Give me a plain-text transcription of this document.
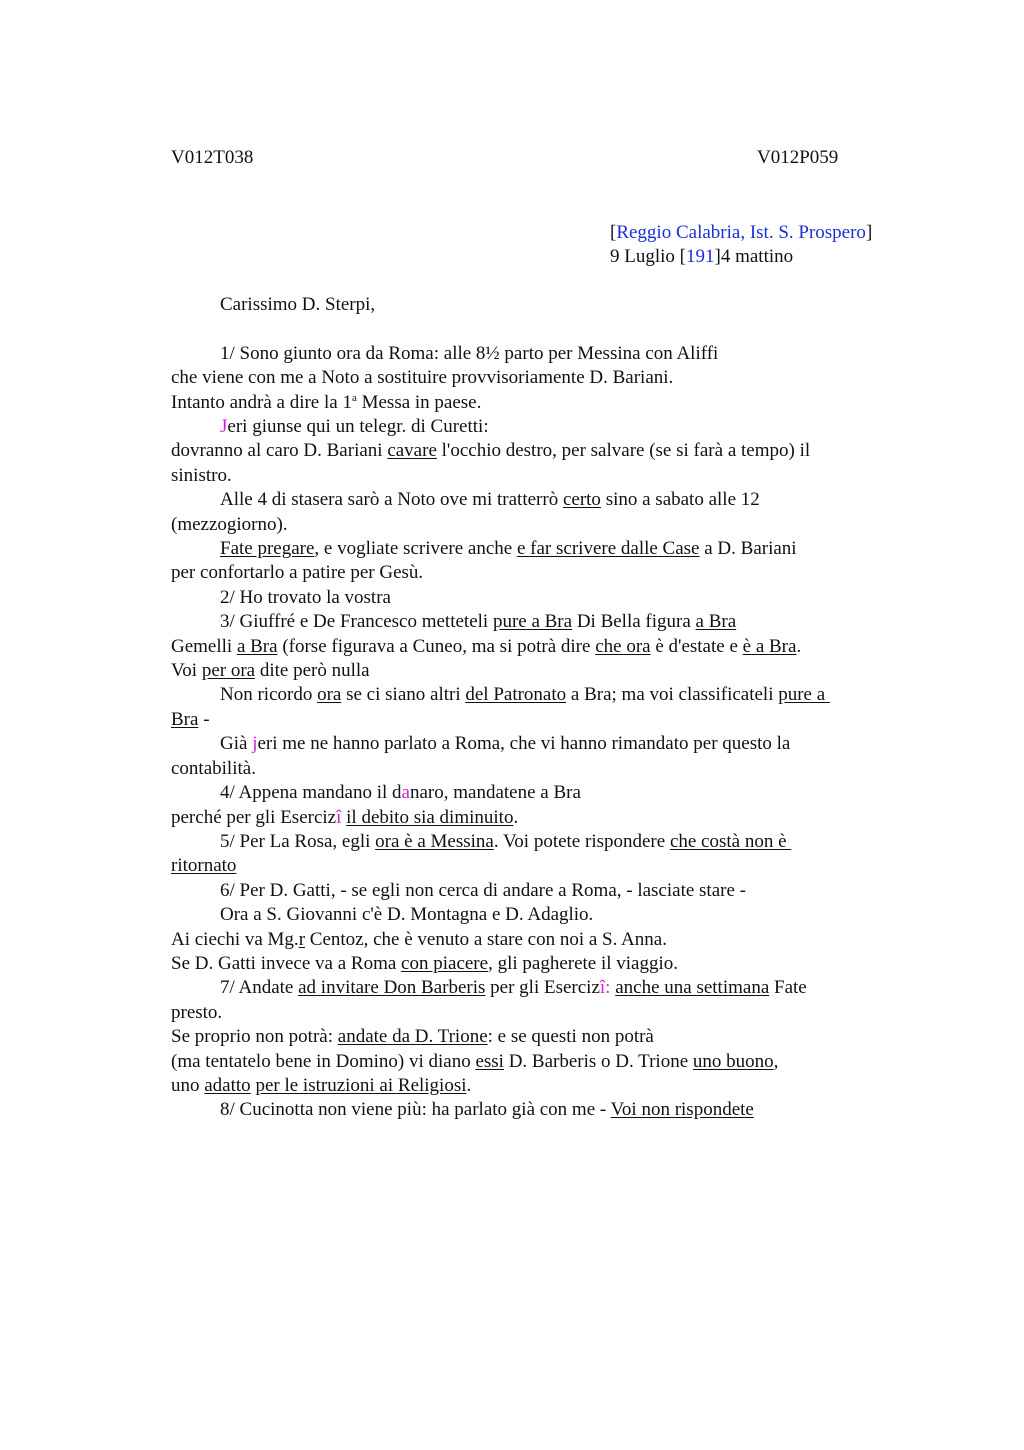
V012T038	V012P059
[Reggio Calabria, Ist. S. Prospero]
9 Luglio [191]4 mattino
Carissimo D. Sterpi,
1/ Sono giunto ora da Roma: alle 8½ parto per Messina con Aliffi
che viene con me a Noto a sostituire provvisoriamente D. Bariani.
Intanto andrà a dire la 1$^a$ Messa in paese.
Jeri giunse qui un telegr. di Curetti:
dovranno al caro D. Bariani cavare l'occhio destro, per salvare (se si farà a tempo) il
sinistro.
Alle 4 di stasera sarò a Noto ove mi tratterrò certo sino a sabato alle 12
(mezzogiorno).
Fate pregare, e vogliate scrivere anche e far scrivere dalle Case a D. Bariani
per confortarlo a patire per Gesù.
2/ Ho trovato la vostra
3/ Giuffré e De Francesco metteteli pure a Bra Di Bella figura a Bra
Gemelli a Bra (forse figurava a Cuneo, ma si potrà dire che ora è d'estate e è a Bra.
Voi per ora dite però nulla
Non ricordo ora se ci siano altri del Patronato a Bra; ma voi classificateli pure a
Bra -
Già jeri me ne hanno parlato a Roma, che vi hanno rimandato per questo la
contabilità.
4/ Appena mandano il danaro, mandatene a Bra
perché per gli Esercizî il debito sia diminuito.
5/ Per La Rosa, egli ora è a Messina. Voi potete rispondere che costà non è
ritornato
6/ Per D. Gatti, - se egli non cerca di andare a Roma, - lasciate stare -
Ora a S. Giovanni c'è D. Montagna e D. Adaglio.
Ai ciechi va Mg.r Centoz, che è venuto a stare con noi a S. Anna.
Se D. Gatti invece va a Roma con piacere, gli pagherete il viaggio.
7/ Andate ad invitare Don Barberis per gli Esercizî: anche una settimana Fate
presto.
Se proprio non potrà: andate da D. Trione: e se questi non potrà
(ma tentatelo bene in Domino) vi diano essi D. Barberis o D. Trione uno buono,
uno adatto per le istruzioni ai Religiosi.
8/ Cucinotta non viene più: ha parlato già con me - Voi non rispondete
